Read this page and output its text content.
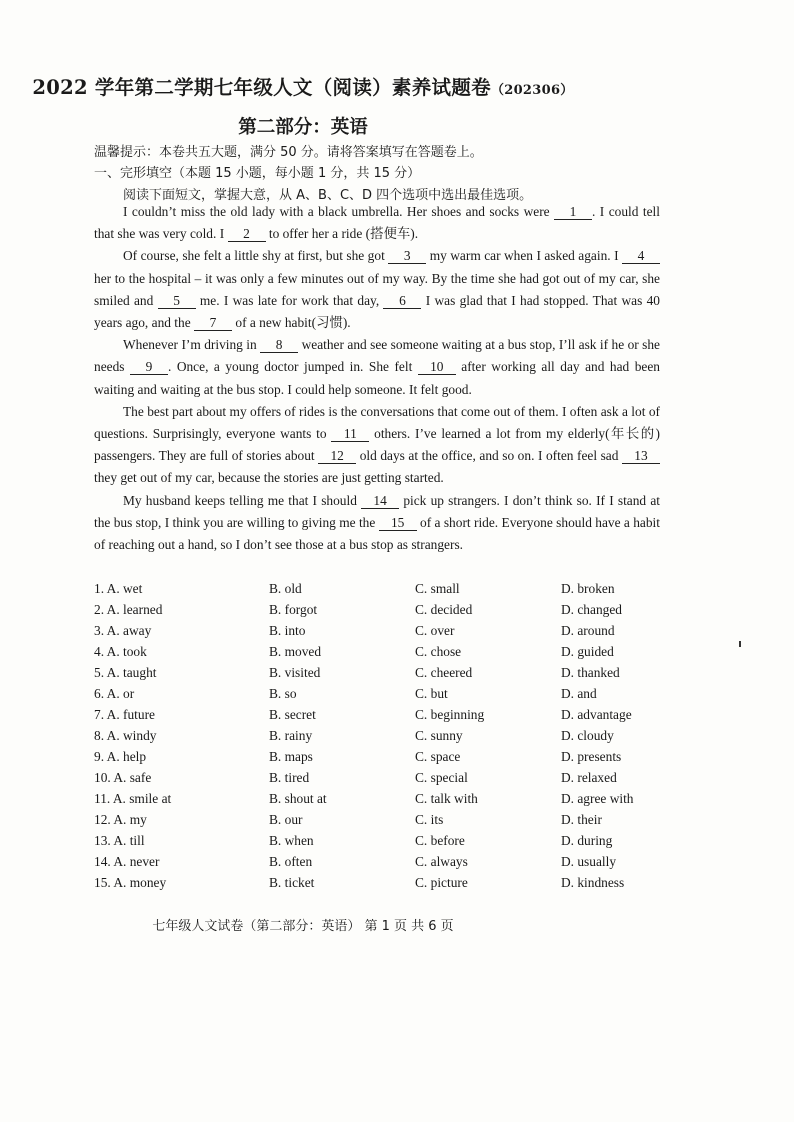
2022 学年第二学期七年级人文（阅读）素养试题卷（202306）
第二部分：英语
温馨提示：本卷共五大题，满分 50 分。请将答案填写在答题卷上。
一、完形填空（本题 15 小题，每小题 1 分，共 15 分）
阅读下面短文，掌握大意，从 A、B、C、D 四个选项中选出最佳选项。

I couldn’t miss the old lady with a black umbrella. Her shoes and socks were 1 . I could tell that she was very cold. I 2 to offer her a ride (搭便车).

Of course, she felt a little shy at first, but she got 3 my warm car when I asked again. I 4 her to the hospital – it was only a few minutes out of my way. By the time she had got out of my car, she smiled and 5 me. I was late for work that day, 6 I was glad that I had stopped. That was 40 years ago, and the 7 of a new habit(习惯).

Whenever I’m driving in 8 weather and see someone waiting at a bus stop, I’ll ask if he or she needs 9 . Once, a young doctor jumped in. She felt 10 after working all day and had been waiting and waiting at the bus stop. I could help someone. It felt good.

The best part about my offers of rides is the conversations that come out of them. I often ask a lot of questions. Surprisingly, everyone wants to 11 others. I’ve learned a lot from my elderly(年长的) passengers. They are full of stories about 12 old days at the office, and so on. I often feel sad 13 they get out of my car, because the stories are just getting started.

My husband keeps telling me that I should 14 pick up strangers. I don’t think so. If I stand at the bus stop, I think you are willing to giving me the 15 of a short ride. Everyone should have a habit of reaching out a hand, so I don’t see those at a bus stop as strangers.

1. A. wet	B. old	C. small	D. broken
2. A. learned	B. forgot	C. decided	D. changed
3. A. away	B. into	C. over	D. around
4. A. took	B. moved	C. chose	D. guided
5. A. taught	B. visited	C. cheered	D. thanked
6. A. or	B. so	C. but	D. and
7. A. future	B. secret	C. beginning	D. advantage
8. A. windy	B. rainy	C. sunny	D. cloudy
9. A. help	B. maps	C. space	D. presents
10. A. safe	B. tired	C. special	D. relaxed
11. A. smile at	B. shout at	C. talk with	D. agree with
12. A. my	B. our	C. its	D. their
13. A. till	B. when	C. before	D. during
14. A. never	B. often	C. always	D. usually
15. A. money	B. ticket	C. picture	D. kindness
七年级人文试卷（第二部分：英语） 第 1 页 共 6 页
